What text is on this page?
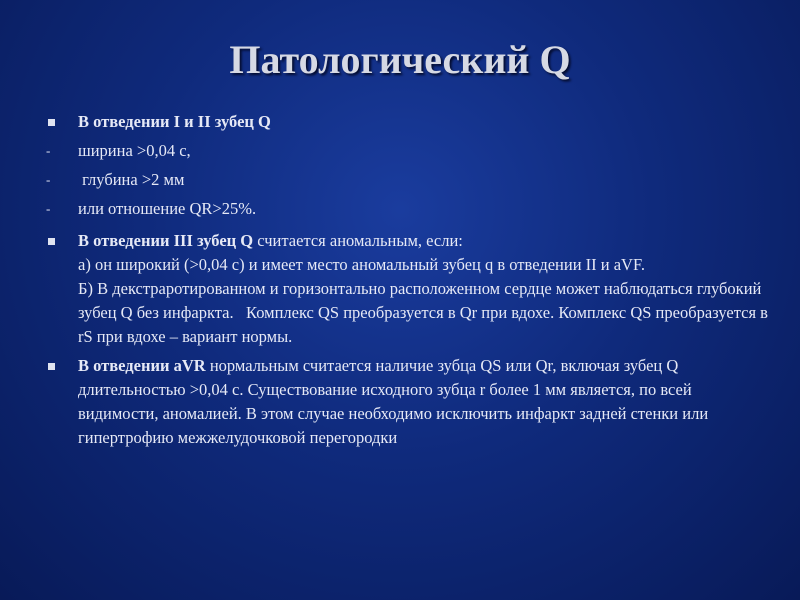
Патологический Q
В отведении I и II зубец Q
- ширина >0,04 с,
- глубина >2 мм
- или отношение QR>25%.
В отведении III зубец Q считается аномальным, если:
а) он широкий (>0,04 с) и имеет место аномальный зубец q в отведении II и aVF.
Б) В декстраротированном и горизонтально расположенном сердце может наблюдаться глубокий зубец Q без инфаркта.   Комплекс QS преобразуется в Qr при вдохе. Комплекс QS преобразуется в rS при вдохе – вариант нормы.
В отведении aVR нормальным считается наличие зубца QS или Qr, включая зубец Q длительностью >0,04 с. Существование исходного зубца r более 1 мм является, по всей видимости, аномалией. В этом случае необходимо исключить инфаркт задней стенки или гипертрофию межжелудочковой перегородки
